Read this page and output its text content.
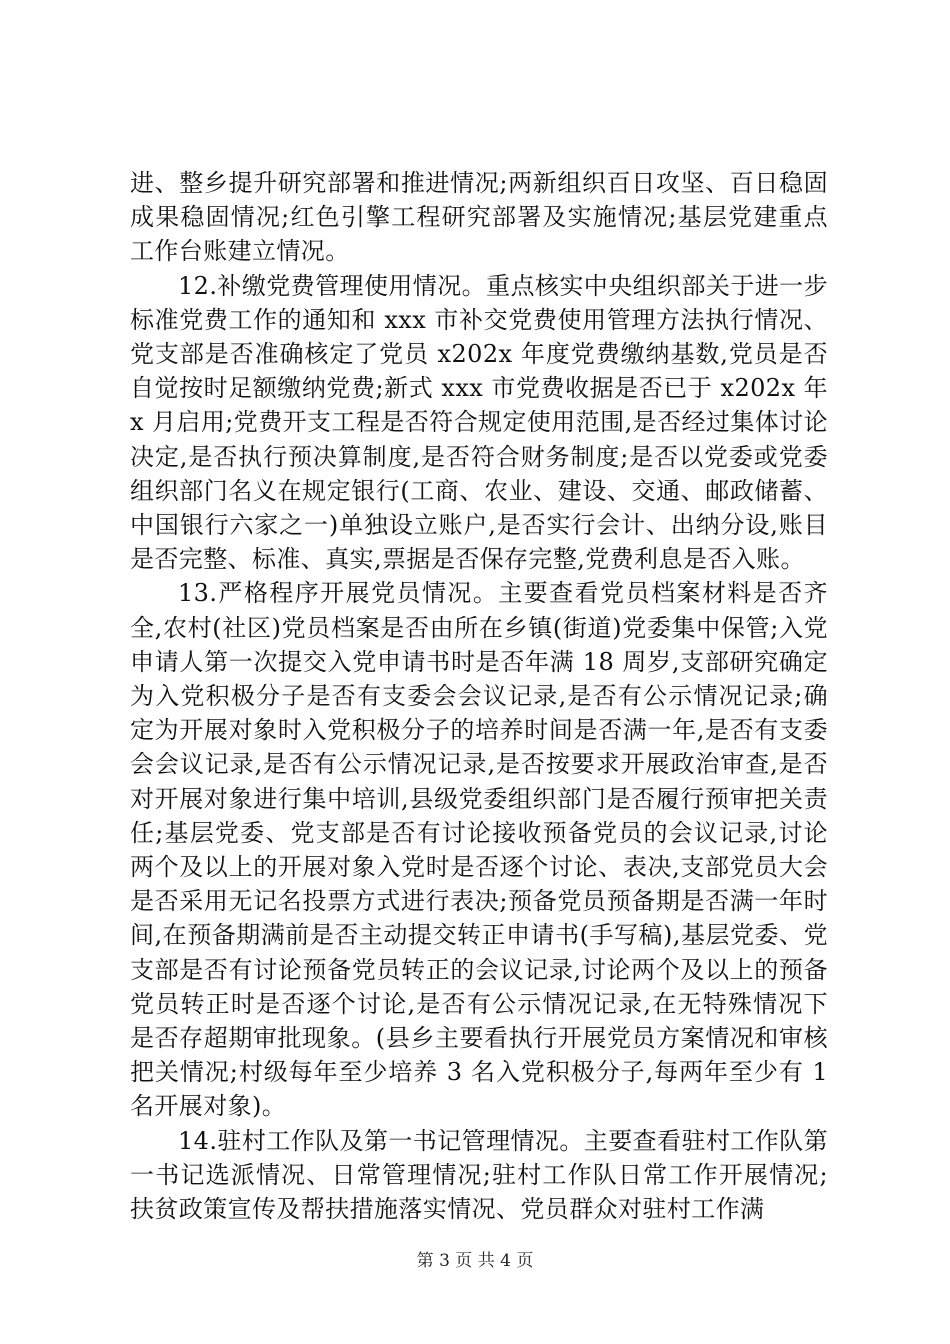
进、整乡提升研究部署和推进情况;两新组织百日攻坚、百日稳固成果稳固情况;红色引擎工程研究部署及实施情况;基层党建重点工作台账建立情况。

12.补缴党费管理使用情况。重点核实中央组织部关于进一步标准党费工作的通知和 xxx 市补交党费使用管理方法执行情况、党支部是否准确核定了党员 x202x 年度党费缴纳基数,党员是否自觉按时足额缴纳党费;新式 xxx 市党费收据是否已于 x202x 年 x 月启用;党费开支工程是否符合规定使用范围,是否经过集体讨论决定,是否执行预决算制度,是否符合财务制度;是否以党委或党委组织部门名义在规定银行(工商、农业、建设、交通、邮政储蓄、中国银行六家之一)单独设立账户,是否实行会计、出纳分设,账目是否完整、标准、真实,票据是否保存完整,党费利息是否入账。

13.严格程序开展党员情况。主要查看党员档案材料是否齐全,农村(社区)党员档案是否由所在乡镇(街道)党委集中保管;入党申请人第一次提交入党申请书时是否年满 18 周岁,支部研究确定为入党积极分子是否有支委会会议记录,是否有公示情况记录;确定为开展对象时入党积极分子的培养时间是否满一年,是否有支委会会议记录,是否有公示情况记录,是否按要求开展政治审查,是否对开展对象进行集中培训,县级党委组织部门是否履行预审把关责任;基层党委、党支部是否有讨论接收预备党员的会议记录,讨论两个及以上的开展对象入党时是否逐个讨论、表决,支部党员大会是否采用无记名投票方式进行表决;预备党员预备期是否满一年时间,在预备期满前是否主动提交转正申请书(手写稿),基层党委、党支部是否有讨论预备党员转正的会议记录,讨论两个及以上的预备党员转正时是否逐个讨论,是否有公示情况记录,在无特殊情况下是否存超期审批现象。(县乡主要看执行开展党员方案情况和审核把关情况;村级每年至少培养 3 名入党积极分子,每两年至少有 1 名开展对象)。

14.驻村工作队及第一书记管理情况。主要查看驻村工作队第一书记选派情况、日常管理情况;驻村工作队日常工作开展情况;扶贫政策宣传及帮扶措施落实情况、党员群众对驻村工作满

第 3 页 共 4 页
